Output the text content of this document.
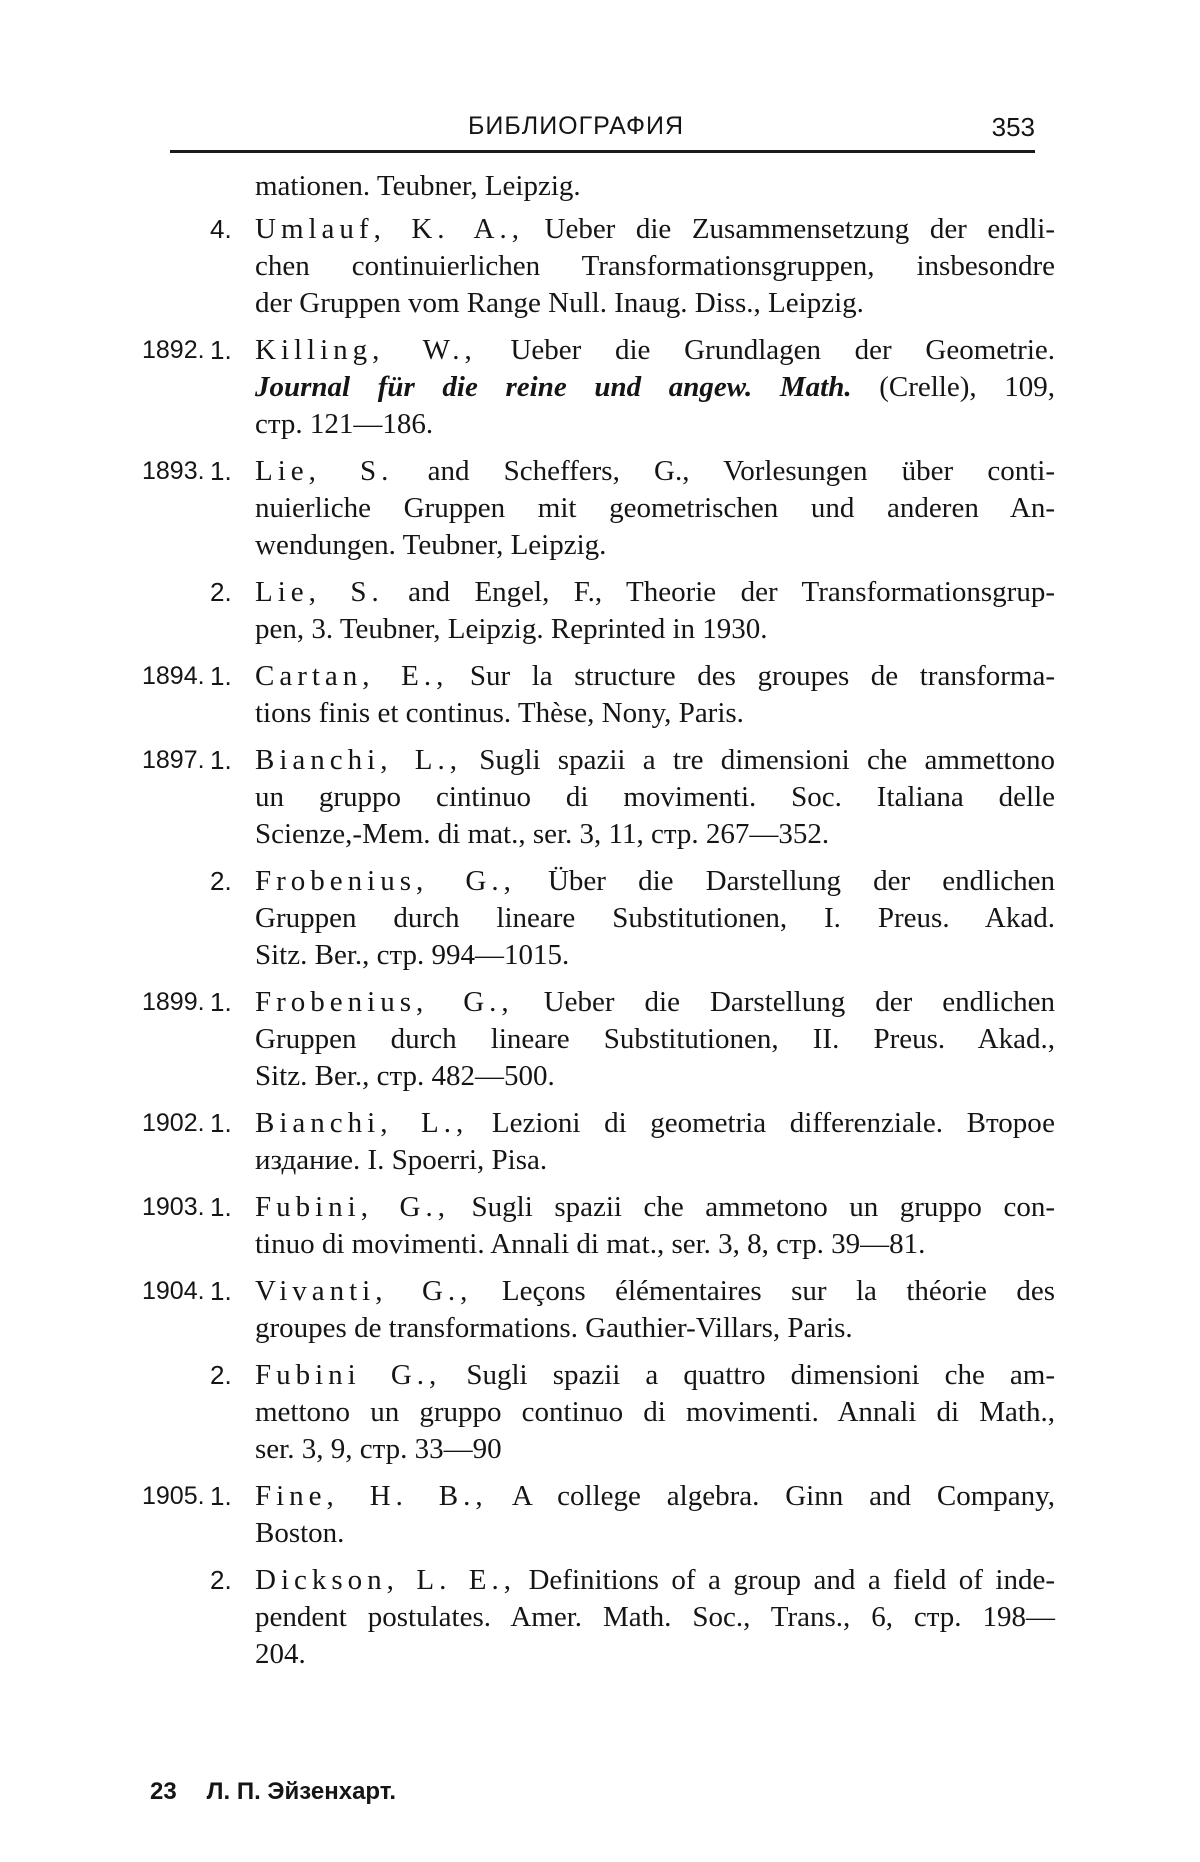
БИБЛИОГРАФИЯ	353
mationen. Teubner, Leipzig.
4. Umlauf, K. A., Ueber die Zusammensetzung der endli-
chen continuierlichen Transformationsgruppen, insbesondre
der Gruppen vom Range Null. Inaug. Diss., Leipzig.
1892. 1. Killing, W., Ueber die Grundlagen der Geometrie.
Journal für die reine und angew. Math. (Crelle), 109,
стр. 121—186.
1893. 1. Lie, S. and Scheffers, G., Vorlesungen über conti-
nuierliche Gruppen mit geometrischen und anderen An-
wendungen. Teubner, Leipzig.
2. Lie, S. and Engel, F., Theorie der Transformationsgrup-
pen, 3. Teubner, Leipzig. Reprinted in 1930.
1894. 1. Cartan, E., Sur la structure des groupes de transforma-
tions finis et continus. Thèse, Nony, Paris.
1897. 1. Bianchi, L., Sugli spazii a tre dimensioni che ammettono
un gruppo cintinuo di movimenti. Soc. Italiana delle
Scienze,-Mem. di mat., ser. 3, 11, стр. 267—352.
2. Frobenius, G., Über die Darstellung der endlichen
Gruppen durch lineare Substitutionen, I. Preus. Akad.
Sitz. Ber., стр. 994—1015.
1899. 1. Frobenius, G., Ueber die Darstellung der endlichen
Gruppen durch lineare Substitutionen, II. Preus. Akad.,
Sitz. Ber., стр. 482—500.
1902. 1. Bianchi, L., Lezioni di geometria differenziale. Второе
издание. I. Spoerri, Pisa.
1903. 1. Fubini, G., Sugli spazii che ammetono un gruppo con-
tinuo di movimenti. Annali di mat., ser. 3, 8, стр. 39—81.
1904. 1. Vivanti, G., Leçons élémentaires sur la théorie des
groupes de transformations. Gauthier-Villars, Paris.
2. Fubini G., Sugli spazii a quattro dimensioni che am-
mettono un gruppo continuo di movimenti. Annali di Math.,
ser. 3, 9, стр. 33—90
1905. 1. Fine, H. B., A college algebra. Ginn and Company,
Boston.
2. Dickson, L. E., Definitions of a group and a field of inde-
pendent postulates. Amer. Math. Soc., Trans., 6, стр. 198—
204.
23 Л. П. Эйзенхарт.
